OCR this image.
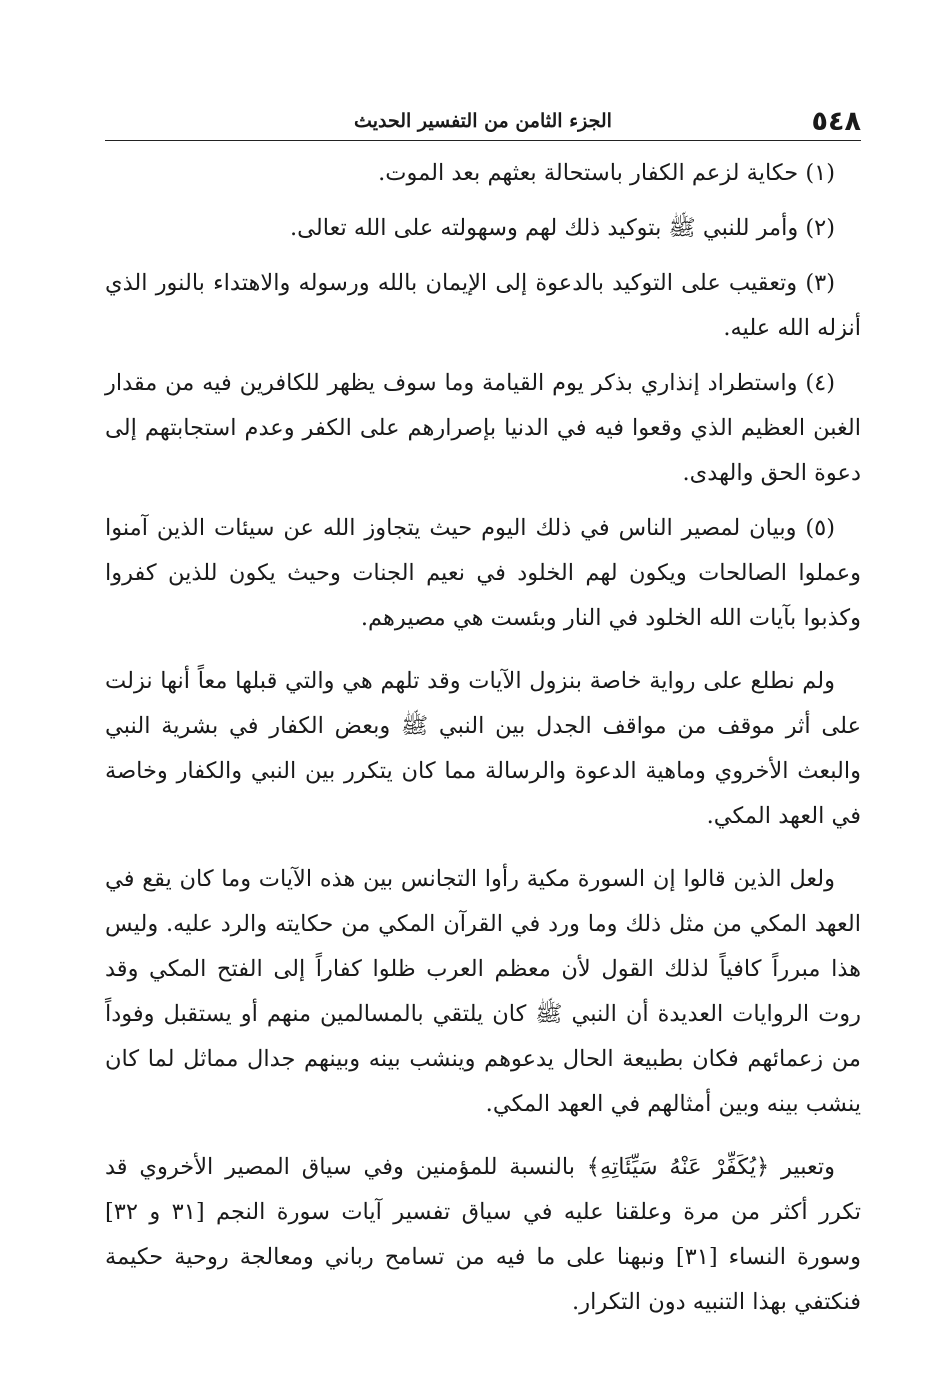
٥٤٨
الجزء الثامن من التفسير الحديث

(١) حكاية لزعم الكفار باستحالة بعثهم بعد الموت.

(٢) وأمر للنبي ﷺ بتوكيد ذلك لهم وسهولته على الله تعالى.

(٣) وتعقيب على التوكيد بالدعوة إلى الإيمان بالله ورسوله والاهتداء بالنور الذي أنزله الله عليه.

(٤) واستطراد إنذاري بذكر يوم القيامة وما سوف يظهر للكافرين فيه من مقدار الغبن العظيم الذي وقعوا فيه في الدنيا بإصرارهم على الكفر وعدم استجابتهم إلى دعوة الحق والهدى.

(٥) وبيان لمصير الناس في ذلك اليوم حيث يتجاوز الله عن سيئات الذين آمنوا وعملوا الصالحات ويكون لهم الخلود في نعيم الجنات وحيث يكون للذين كفروا وكذبوا بآيات الله الخلود في النار وبئست هي مصيرهم.

ولم نطلع على رواية خاصة بنزول الآيات وقد تلهم هي والتي قبلها معاً أنها نزلت على أثر موقف من مواقف الجدل بين النبي ﷺ وبعض الكفار في بشرية النبي والبعث الأخروي وماهية الدعوة والرسالة مما كان يتكرر بين النبي والكفار وخاصة في العهد المكي.

ولعل الذين قالوا إن السورة مكية رأوا التجانس بين هذه الآيات وما كان يقع في العهد المكي من مثل ذلك وما ورد في القرآن المكي من حكايته والرد عليه. وليس هذا مبرراً كافياً لذلك القول لأن معظم العرب ظلوا كفاراً إلى الفتح المكي وقد روت الروايات العديدة أن النبي ﷺ كان يلتقي بالمسالمين منهم أو يستقبل وفوداً من زعمائهم فكان بطبيعة الحال يدعوهم وينشب بينه وبينهم جدال مماثل لما كان ينشب بينه وبين أمثالهم في العهد المكي.

وتعبير ﴿يُكَفِّرْ عَنْهُ سَيِّئَاتِهِ﴾ بالنسبة للمؤمنين وفي سياق المصير الأخروي قد تكرر أكثر من مرة وعلقنا عليه في سياق تفسير آيات سورة النجم [٣١ و ٣٢] وسورة النساء [٣١] ونبهنا على ما فيه من تسامح رباني ومعالجة روحية حكيمة فنكتفي بهذا التنبيه دون التكرار.
